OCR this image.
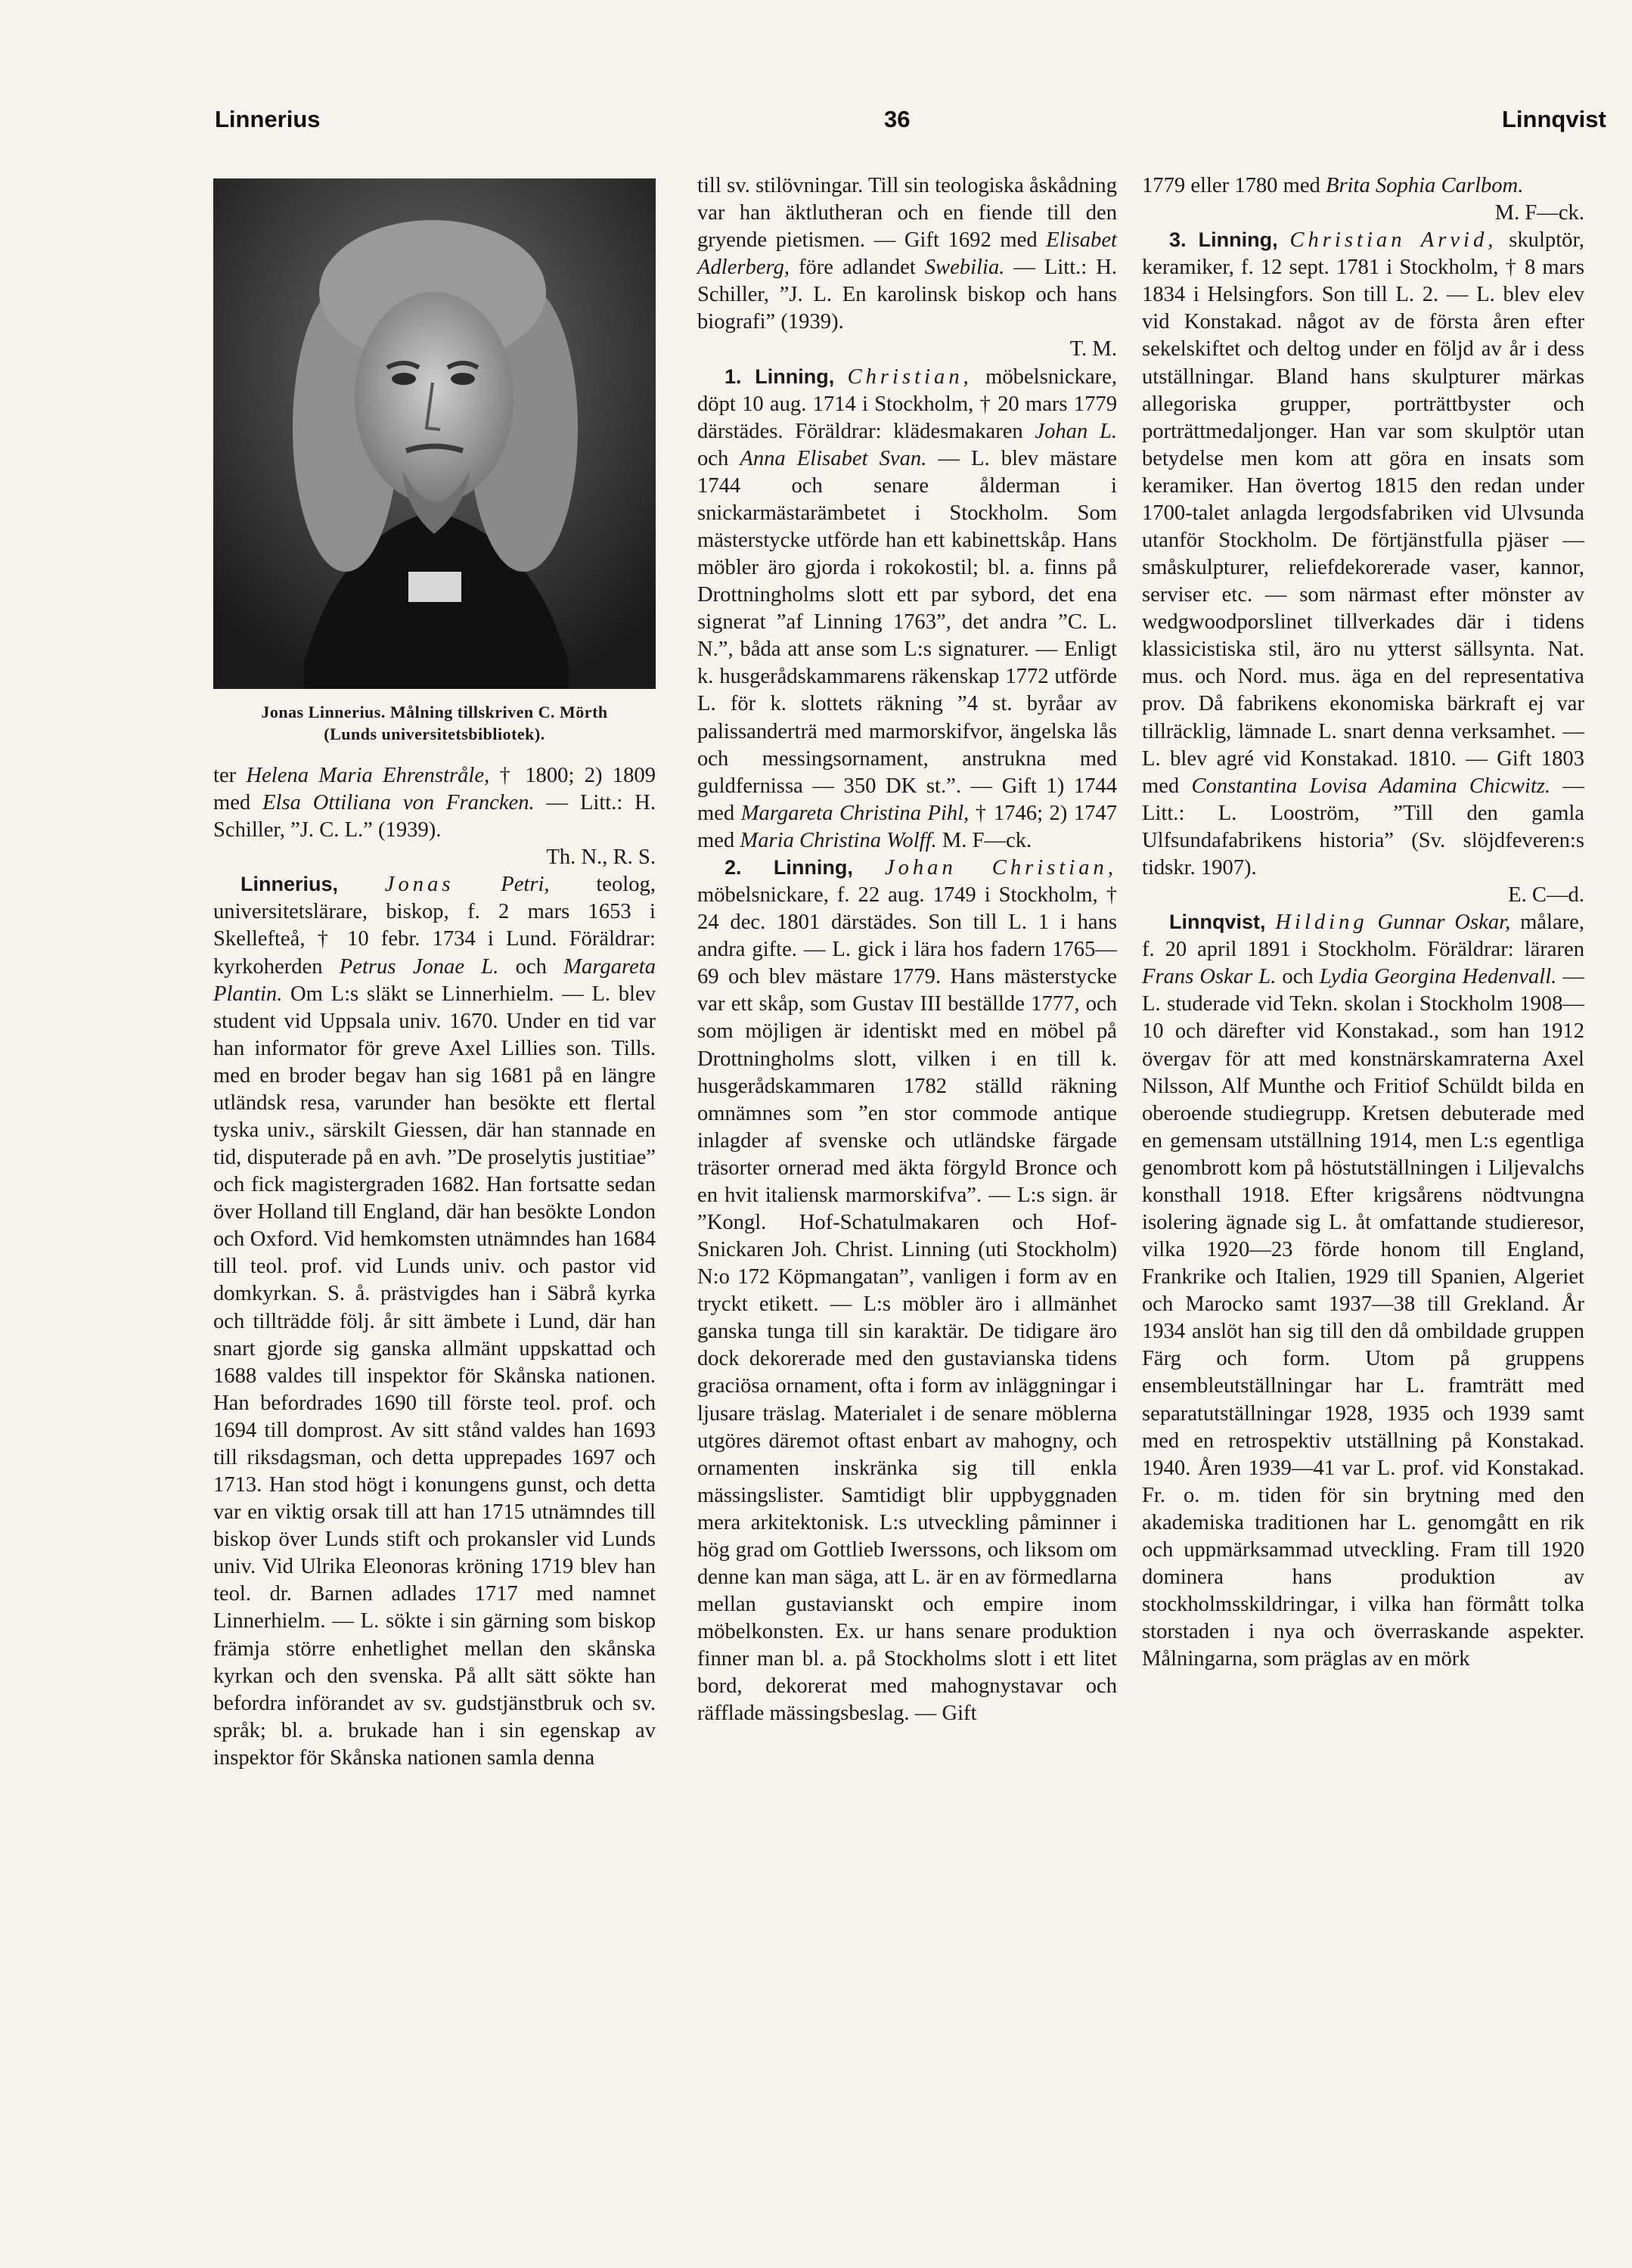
Linnerius	36	Linnqvist
Jonas Linnerius. Målning tillskriven C. Mörth
(Lunds universitetsbibliotek).

ter Helena Maria Ehrenstråle, † 1800; 2) 1809 med Elsa Ottiliana von Francken. — Litt.: H. Schiller, ”J. C. L.” (1939).

Th. N., R. S.

Linnerius, Jonas Petri, teolog, universitetslärare, biskop, f. 2 mars 1653 i Skellefteå, † 10 febr. 1734 i Lund. Föräldrar: kyrkoherden Petrus Jonae L. och Margareta Plantin. Om L:s släkt se Linnerhielm. — L. blev student vid Uppsala univ. 1670. Under en tid var han informator för greve Axel Lillies son. Tills. med en broder begav han sig 1681 på en längre utländsk resa, varunder han besökte ett flertal tyska univ., särskilt Giessen, där han stannade en tid, disputerade på en avh. ”De proselytis justitiae” och fick magistergraden 1682. Han fortsatte sedan över Holland till England, där han besökte London och Oxford. Vid hemkomsten utnämndes han 1684 till teol. prof. vid Lunds univ. och pastor vid domkyrkan. S. å. prästvigdes han i Säbrå kyrka och tillträdde följ. år sitt ämbete i Lund, där han snart gjorde sig ganska allmänt uppskattad och 1688 valdes till inspektor för Skånska nationen. Han befordrades 1690 till förste teol. prof. och 1694 till domprost. Av sitt stånd valdes han 1693 till riksdagsman, och detta upprepades 1697 och 1713. Han stod högt i konungens gunst, och detta var en viktig orsak till att han 1715 utnämndes till biskop över Lunds stift och prokansler vid Lunds univ. Vid Ulrika Eleonoras kröning 1719 blev han teol. dr. Barnen adlades 1717 med namnet Linnerhielm. — L. sökte i sin gärning som biskop främja större enhetlighet mellan den skånska kyrkan och den svenska. På allt sätt sökte han befordra införandet av sv. gudstjänstbruk och sv. språk; bl. a. brukade han i sin egenskap av inspektor för Skånska nationen samla denna

till sv. stilövningar. Till sin teologiska åskådning var han äktlutheran och en fiende till den gryende pietismen. — Gift 1692 med Elisabet Adlerberg, före adlandet Swebilia. — Litt.: H. Schiller, ”J. L. En karolinsk biskop och hans biografi” (1939).

T. M.

1. Linning, Christian, möbelsnickare, döpt 10 aug. 1714 i Stockholm, † 20 mars 1779 därstädes. Föräldrar: klädesmakaren Johan L. och Anna Elisabet Svan. — L. blev mästare 1744 och senare ålderman i snickarmästarämbetet i Stockholm. Som mästerstycke utförde han ett kabinettskåp. Hans möbler äro gjorda i rokokostil; bl. a. finns på Drottningholms slott ett par sybord, det ena signerat ”af Linning 1763”, det andra ”C. L. N.”, båda att anse som L:s signaturer. — Enligt k. husgerådskammarens räkenskap 1772 utförde L. för k. slottets räkning ”4 st. byråar av palissanderträ med marmorskifvor, ängelska lås och messingsornament, anstrukna med guldfernissa — 350 DK st.”. — Gift 1) 1744 med Margareta Christina Pihl, † 1746; 2) 1747 med Maria Christina Wolff. M. F—ck.

2. Linning, Johan Christian, möbelsnickare, f. 22 aug. 1749 i Stockholm, † 24 dec. 1801 därstädes. Son till L. 1 i hans andra gifte. — L. gick i lära hos fadern 1765—69 och blev mästare 1779. Hans mästerstycke var ett skåp, som Gustav III beställde 1777, och som möjligen är identiskt med en möbel på Drottningholms slott, vilken i en till k. husgerådskammaren 1782 ställd räkning omnämnes som ”en stor commode antique inlagder af svenske och utländske färgade träsorter ornerad med äkta förgyld Bronce och en hvit italiensk marmorskifva”. — L:s sign. är ”Kongl. Hof-Schatulmakaren och Hof-Snickaren Joh. Christ. Linning (uti Stockholm) N:o 172 Köpmangatan”, vanligen i form av en tryckt etikett. — L:s möbler äro i allmänhet ganska tunga till sin karaktär. De tidigare äro dock dekorerade med den gustavianska tidens graciösa ornament, ofta i form av inläggningar i ljusare träslag. Materialet i de senare möblerna utgöres däremot oftast enbart av mahogny, och ornamenten inskränka sig till enkla mässingslister. Samtidigt blir uppbyggnaden mera arkitektonisk. L:s utveckling påminner i hög grad om Gottlieb Iwerssons, och liksom om denne kan man säga, att L. är en av förmedlarna mellan gustavianskt och empire inom möbelkonsten. Ex. ur hans senare produktion finner man bl. a. på Stockholms slott i ett litet bord, dekorerat med mahognystavar och räfflade mässingsbeslag. — Gift

1779 eller 1780 med Brita Sophia Carlbom.

M. F—ck.

3. Linning, Christian Arvid, skulptör, keramiker, f. 12 sept. 1781 i Stockholm, † 8 mars 1834 i Helsingfors. Son till L. 2. — L. blev elev vid Konstakad. något av de första åren efter sekelskiftet och deltog under en följd av år i dess utställningar. Bland hans skulpturer märkas allegoriska grupper, porträttbyster och porträttmedaljonger. Han var som skulptör utan betydelse men kom att göra en insats som keramiker. Han övertog 1815 den redan under 1700-talet anlagda lergodsfabriken vid Ulvsunda utanför Stockholm. De förtjänstfulla pjäser — småskulpturer, reliefdekorerade vaser, kannor, serviser etc. — som närmast efter mönster av wedgwoodporslinet tillverkades där i tidens klassicistiska stil, äro nu ytterst sällsynta. Nat. mus. och Nord. mus. äga en del representativa prov. Då fabrikens ekonomiska bärkraft ej var tillräcklig, lämnade L. snart denna verksamhet. — L. blev agré vid Konstakad. 1810. — Gift 1803 med Constantina Lovisa Adamina Chicwitz. — Litt.: L. Looström, ”Till den gamla Ulfsundafabrikens historia” (Sv. slöjdfeveren:s tidskr. 1907).

E. C—d.

Linnqvist, Hilding Gunnar Oskar, målare, f. 20 april 1891 i Stockholm. Föräldrar: läraren Frans Oskar L. och Lydia Georgina Hedenvall. — L. studerade vid Tekn. skolan i Stockholm 1908—10 och därefter vid Konstakad., som han 1912 övergav för att med konstnärskamraterna Axel Nilsson, Alf Munthe och Fritiof Schüldt bilda en oberoende studiegrupp. Kretsen debuterade med en gemensam utställning 1914, men L:s egentliga genombrott kom på höstutställningen i Liljevalchs konsthall 1918. Efter krigsårens nödtvungna isolering ägnade sig L. åt omfattande studieresor, vilka 1920—23 förde honom till England, Frankrike och Italien, 1929 till Spanien, Algeriet och Marocko samt 1937—38 till Grekland. År 1934 anslöt han sig till den då ombildade gruppen Färg och form. Utom på gruppens ensembleutställningar har L. framträtt med separatutställningar 1928, 1935 och 1939 samt med en retrospektiv utställning på Konstakad. 1940. Åren 1939—41 var L. prof. vid Konstakad. Fr. o. m. tiden för sin brytning med den akademiska traditionen har L. genomgått en rik och uppmärksammad utveckling. Fram till 1920 dominera hans produktion av stockholmsskildringar, i vilka han förmått tolka storstaden i nya och överraskande aspekter. Målningarna, som präglas av en mörk
